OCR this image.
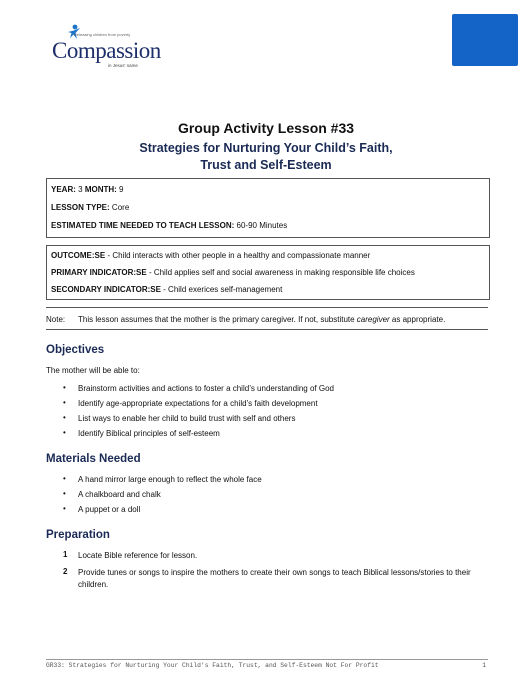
Releasing children from poverty
Compassion
in Jesus' name
Group Activity Lesson #33
Strategies for Nurturing Your Child’s Faith,
Trust and Self-Esteem
YEAR: 3 MONTH: 9
LESSON TYPE: Core
ESTIMATED TIME NEEDED TO TEACH LESSON: 60-90 Minutes
OUTCOME:SE - Child interacts with other people in a healthy and compassionate manner
PRIMARY INDICATOR:SE - Child applies self and social awareness in making responsible life choices
SECONDARY INDICATOR:SE - Child exerices self-management
Note: This lesson assumes that the mother is the primary caregiver. If not, substitute caregiver as appropriate.
Objectives
The mother will be able to:
Brainstorm activities and actions to foster a child’s understanding of God
Identify age-appropriate expectations for a child’s faith development
List ways to enable her child to build trust with self and others
Identify Biblical principles of self-esteem
Materials Needed
A hand mirror large enough to reflect the whole face
A chalkboard and chalk
A puppet or a doll
Preparation
1 Locate Bible reference for lesson.
2 Provide tunes or songs to inspire the mothers to create their own songs to teach Biblical lessons/stories to their children.
GR33: Strategies for Nurturing Your Child’s Faith, Trust, and Self-Esteem Not For Profit	1
